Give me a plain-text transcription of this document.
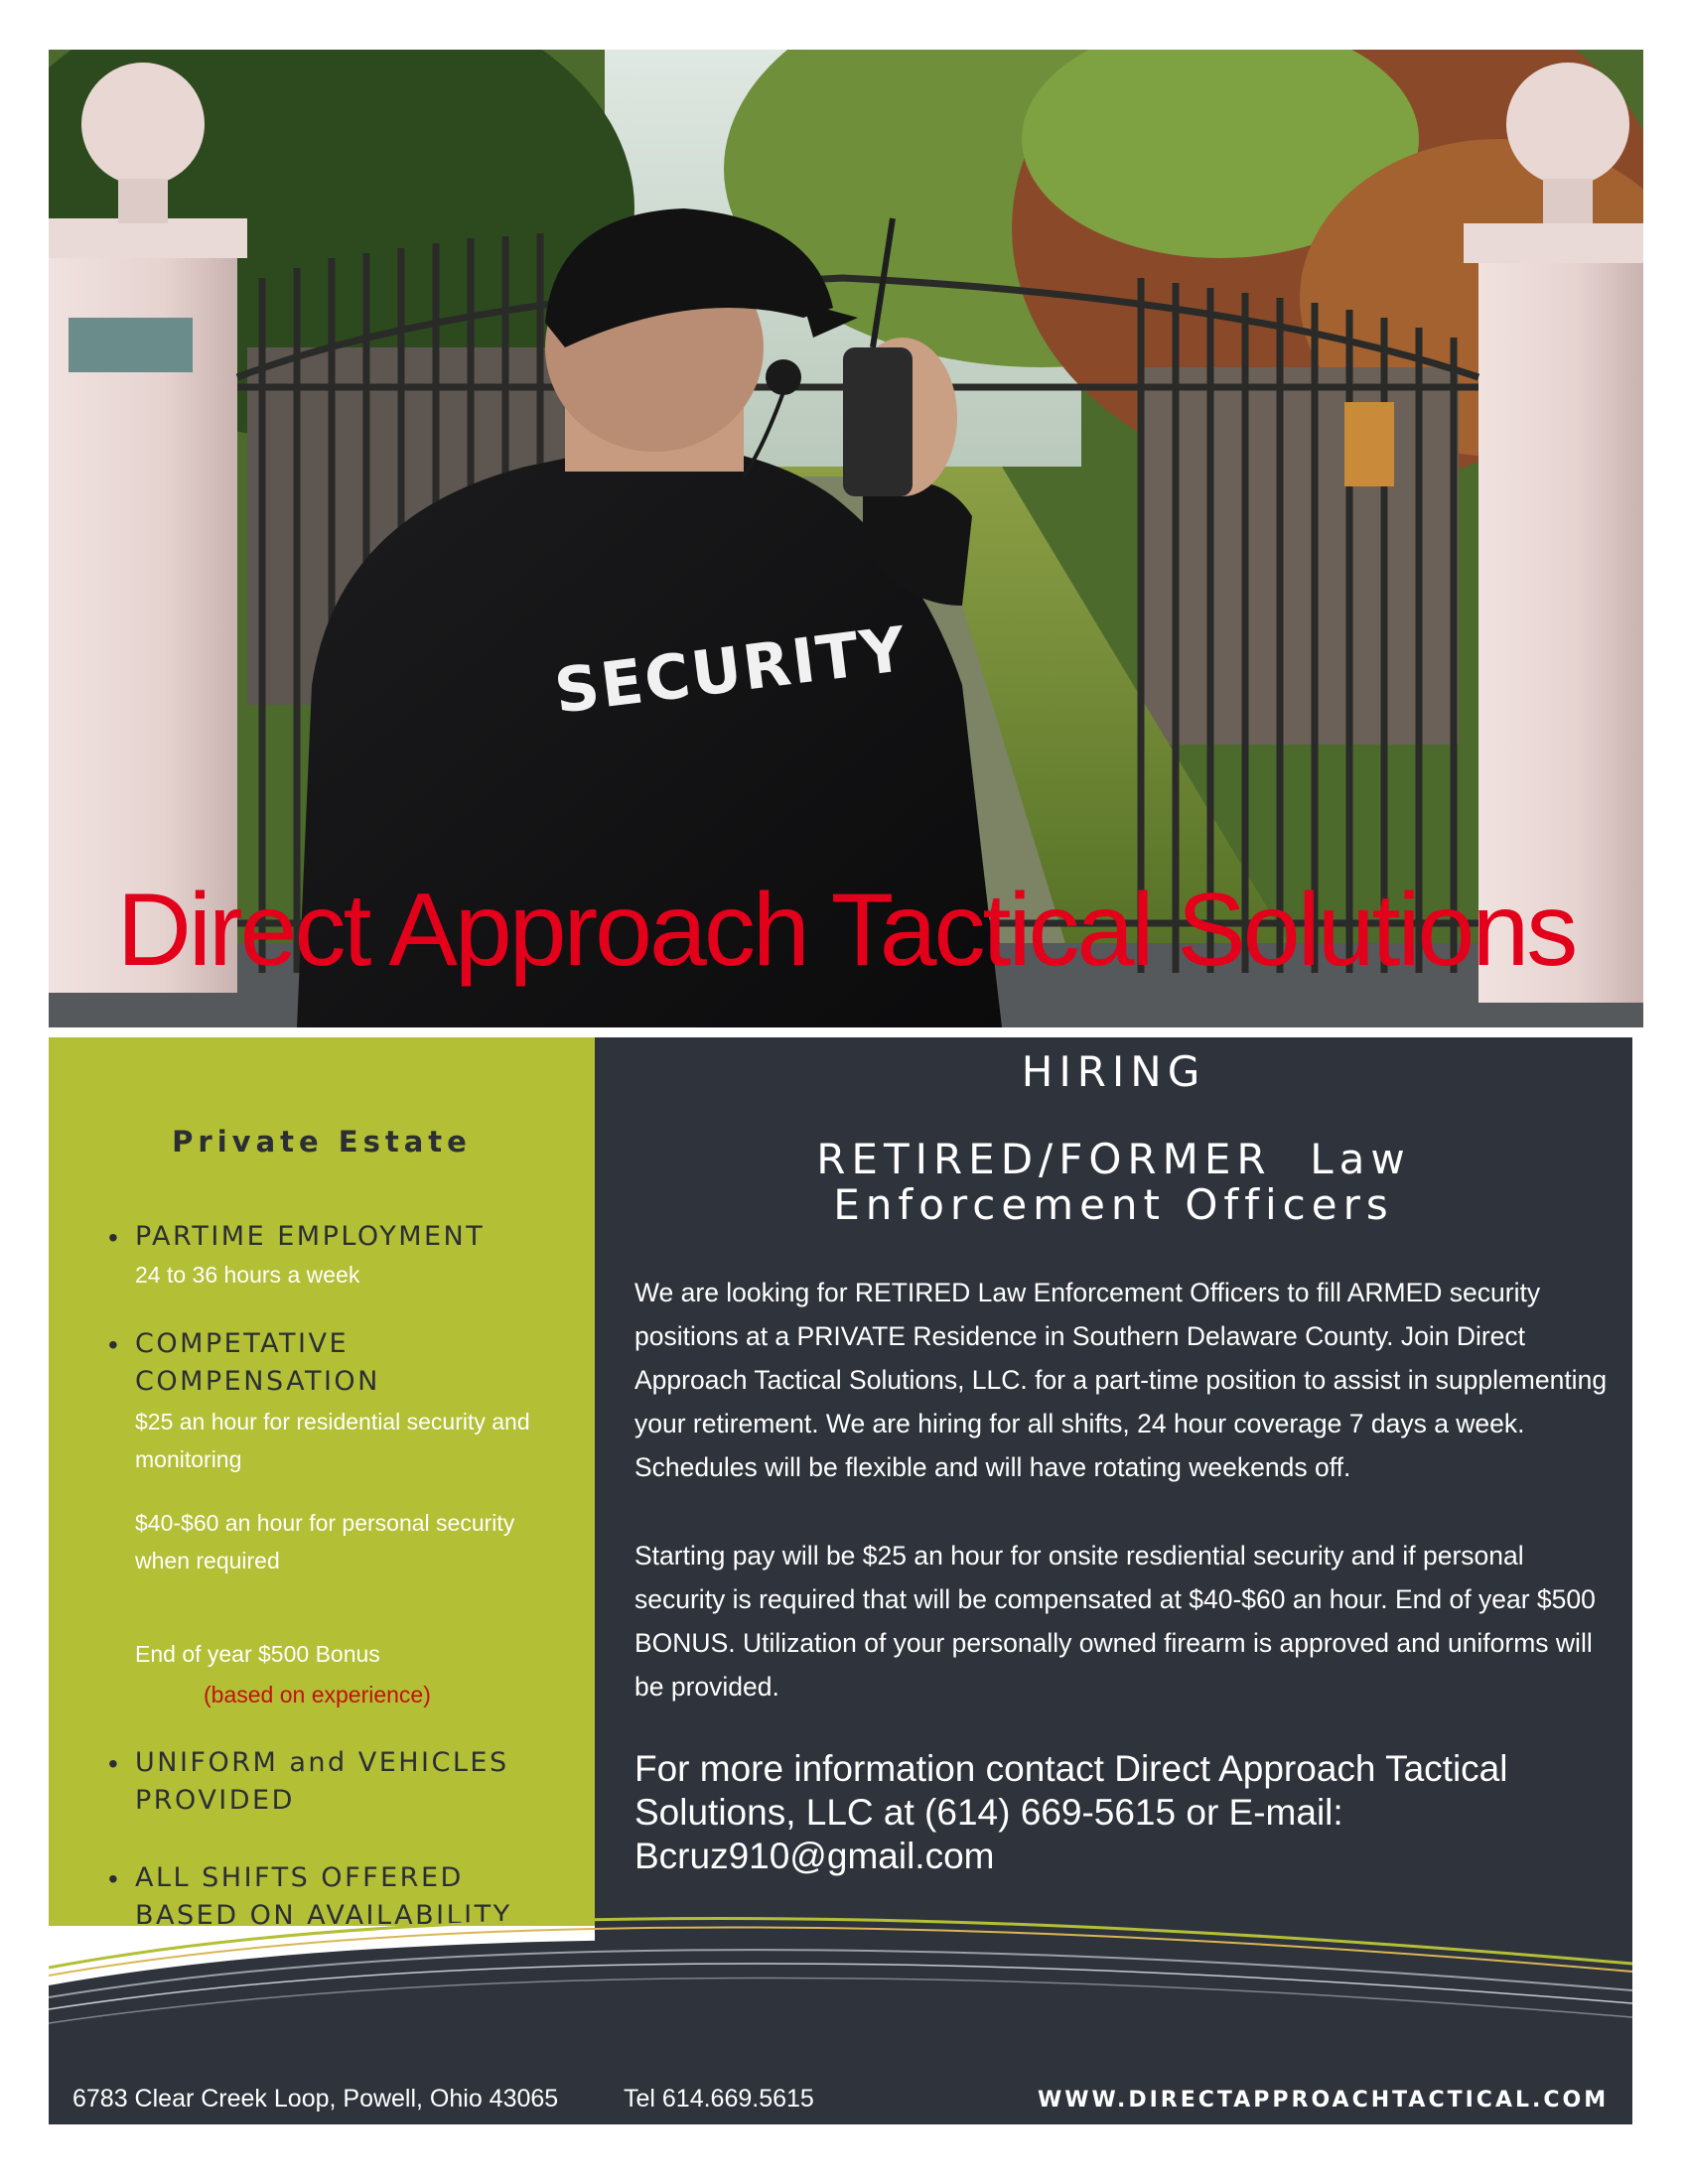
SECURITY
Direct Approach Tactical Solutions
Private Estate
• PARTIME EMPLOYMENT
24 to 36 hours a week
• COMPETATIVE COMPENSATION
$25 an hour for residential security and monitoring
$40-$60 an hour for personal security when required
End of year $500 Bonus
(based on experience)
• UNIFORM and VEHICLES PROVIDED
• ALL SHIFTS OFFERED BASED ON AVAILABILITY
HIRING
RETIRED/FORMER  Law
Enforcement Officers
We are looking for RETIRED Law Enforcement Officers to fill ARMED security positions at a PRIVATE Residence in Southern Delaware County. Join Direct Approach Tactical Solutions, LLC. for a part-time position to assist in supplementing your retirement. We are hiring for all shifts, 24 hour coverage 7 days a week. Schedules will be flexible and will have rotating weekends off.
Starting pay will be $25 an hour for onsite resdiential security and if personal security is required that will be compensated at $40-$60 an hour. End of year $500 BONUS. Utilization of your personally owned firearm is approved and uniforms will be provided.
For more information contact Direct Approach Tactical Solutions, LLC at (614) 669-5615 or E-mail: Bcruz910@gmail.com
6783 Clear Creek Loop, Powell, Ohio 43065	Tel 614.669.5615	WWW.DIRECTAPPROACHTACTICAL.COM
